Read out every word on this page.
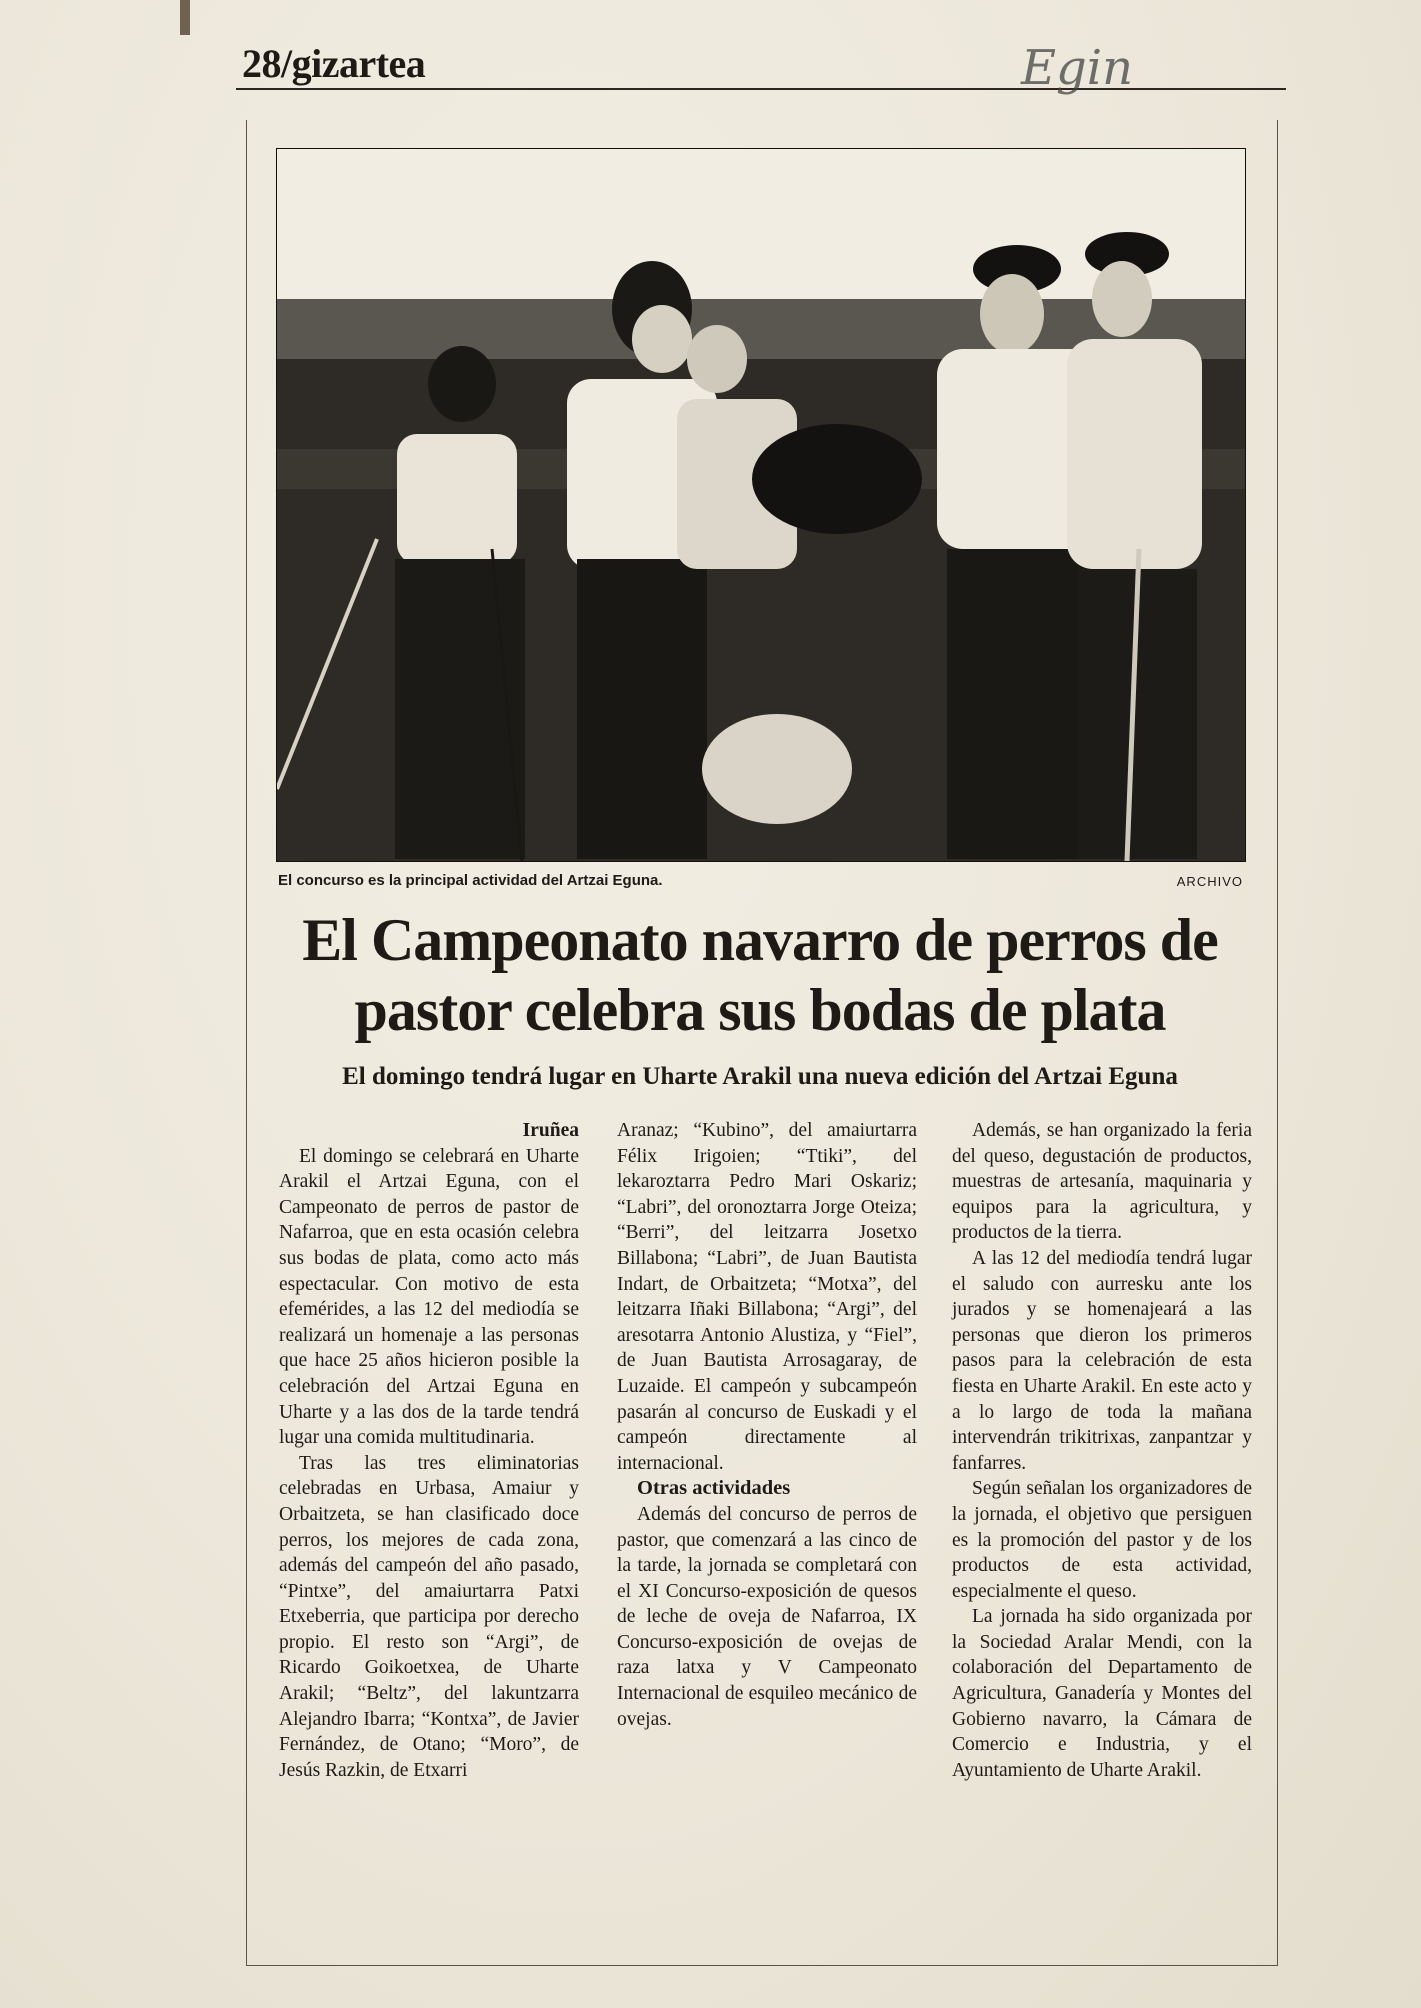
28/gizartea	Egin
El concurso es la principal actividad del Artzai Eguna.	ARCHIVO
El Campeonato navarro de perros de pastor celebra sus bodas de plata
El domingo tendrá lugar en Uharte Arakil una nueva edición del Artzai Eguna

Iruñea

El domingo se celebrará en Uharte Arakil el Artzai Eguna, con el Campeonato de perros de pastor de Nafarroa, que en esta ocasión celebra sus bodas de plata, como acto más espectacular. Con motivo de esta efemérides, a las 12 del mediodía se realizará un homenaje a las personas que hace 25 años hicieron posible la celebración del Artzai Eguna en Uharte y a las dos de la tarde tendrá lugar una comida multitudinaria.

Tras las tres eliminatorias celebradas en Urbasa, Amaiur y Orbaitzeta, se han clasificado doce perros, los mejores de cada zona, además del campeón del año pasado, “Pintxe”, del amaiurtarra Patxi Etxeberria, que participa por derecho propio. El resto son “Argi”, de Ricardo Goikoetxea, de Uharte Arakil; “Beltz”, del lakuntzarra Alejandro Ibarra; “Kontxa”, de Javier Fernández, de Otano; “Moro”, de Jesús Razkin, de Etxarri

Aranaz; “Kubino”, del amaiurtarra Félix Irigoien; “Ttiki”, del lekaroztarra Pedro Mari Oskariz; “Labri”, del oronoztarra Jorge Oteiza; “Berri”, del leitzarra Josetxo Billabona; “Labri”, de Juan Bautista Indart, de Orbaitzeta; “Motxa”, del leitzarra Iñaki Billabona; “Argi”, del aresotarra Antonio Alustiza, y “Fiel”, de Juan Bautista Arrosagaray, de Luzaide. El campeón y subcampeón pasarán al concurso de Euskadi y el campeón directamente al internacional.

Otras actividades

Además del concurso de perros de pastor, que comenzará a las cinco de la tarde, la jornada se completará con el XI Concurso-exposición de quesos de leche de oveja de Nafarroa, IX Concurso-exposición de ovejas de raza latxa y V Campeonato Internacional de esquileo mecánico de ovejas.

Además, se han organizado la feria del queso, degustación de productos, muestras de artesanía, maquinaria y equipos para la agricultura, y productos de la tierra.

A las 12 del mediodía tendrá lugar el saludo con aurresku ante los jurados y se homenajeará a las personas que dieron los primeros pasos para la celebración de esta fiesta en Uharte Arakil. En este acto y a lo largo de toda la mañana intervendrán trikitrixas, zanpantzar y fanfarres.

Según señalan los organizadores de la jornada, el objetivo que persiguen es la promoción del pastor y de los productos de esta actividad, especialmente el queso.

La jornada ha sido organizada por la Sociedad Aralar Mendi, con la colaboración del Departamento de Agricultura, Ganadería y Montes del Gobierno navarro, la Cámara de Comercio e Industria, y el Ayuntamiento de Uharte Arakil.
